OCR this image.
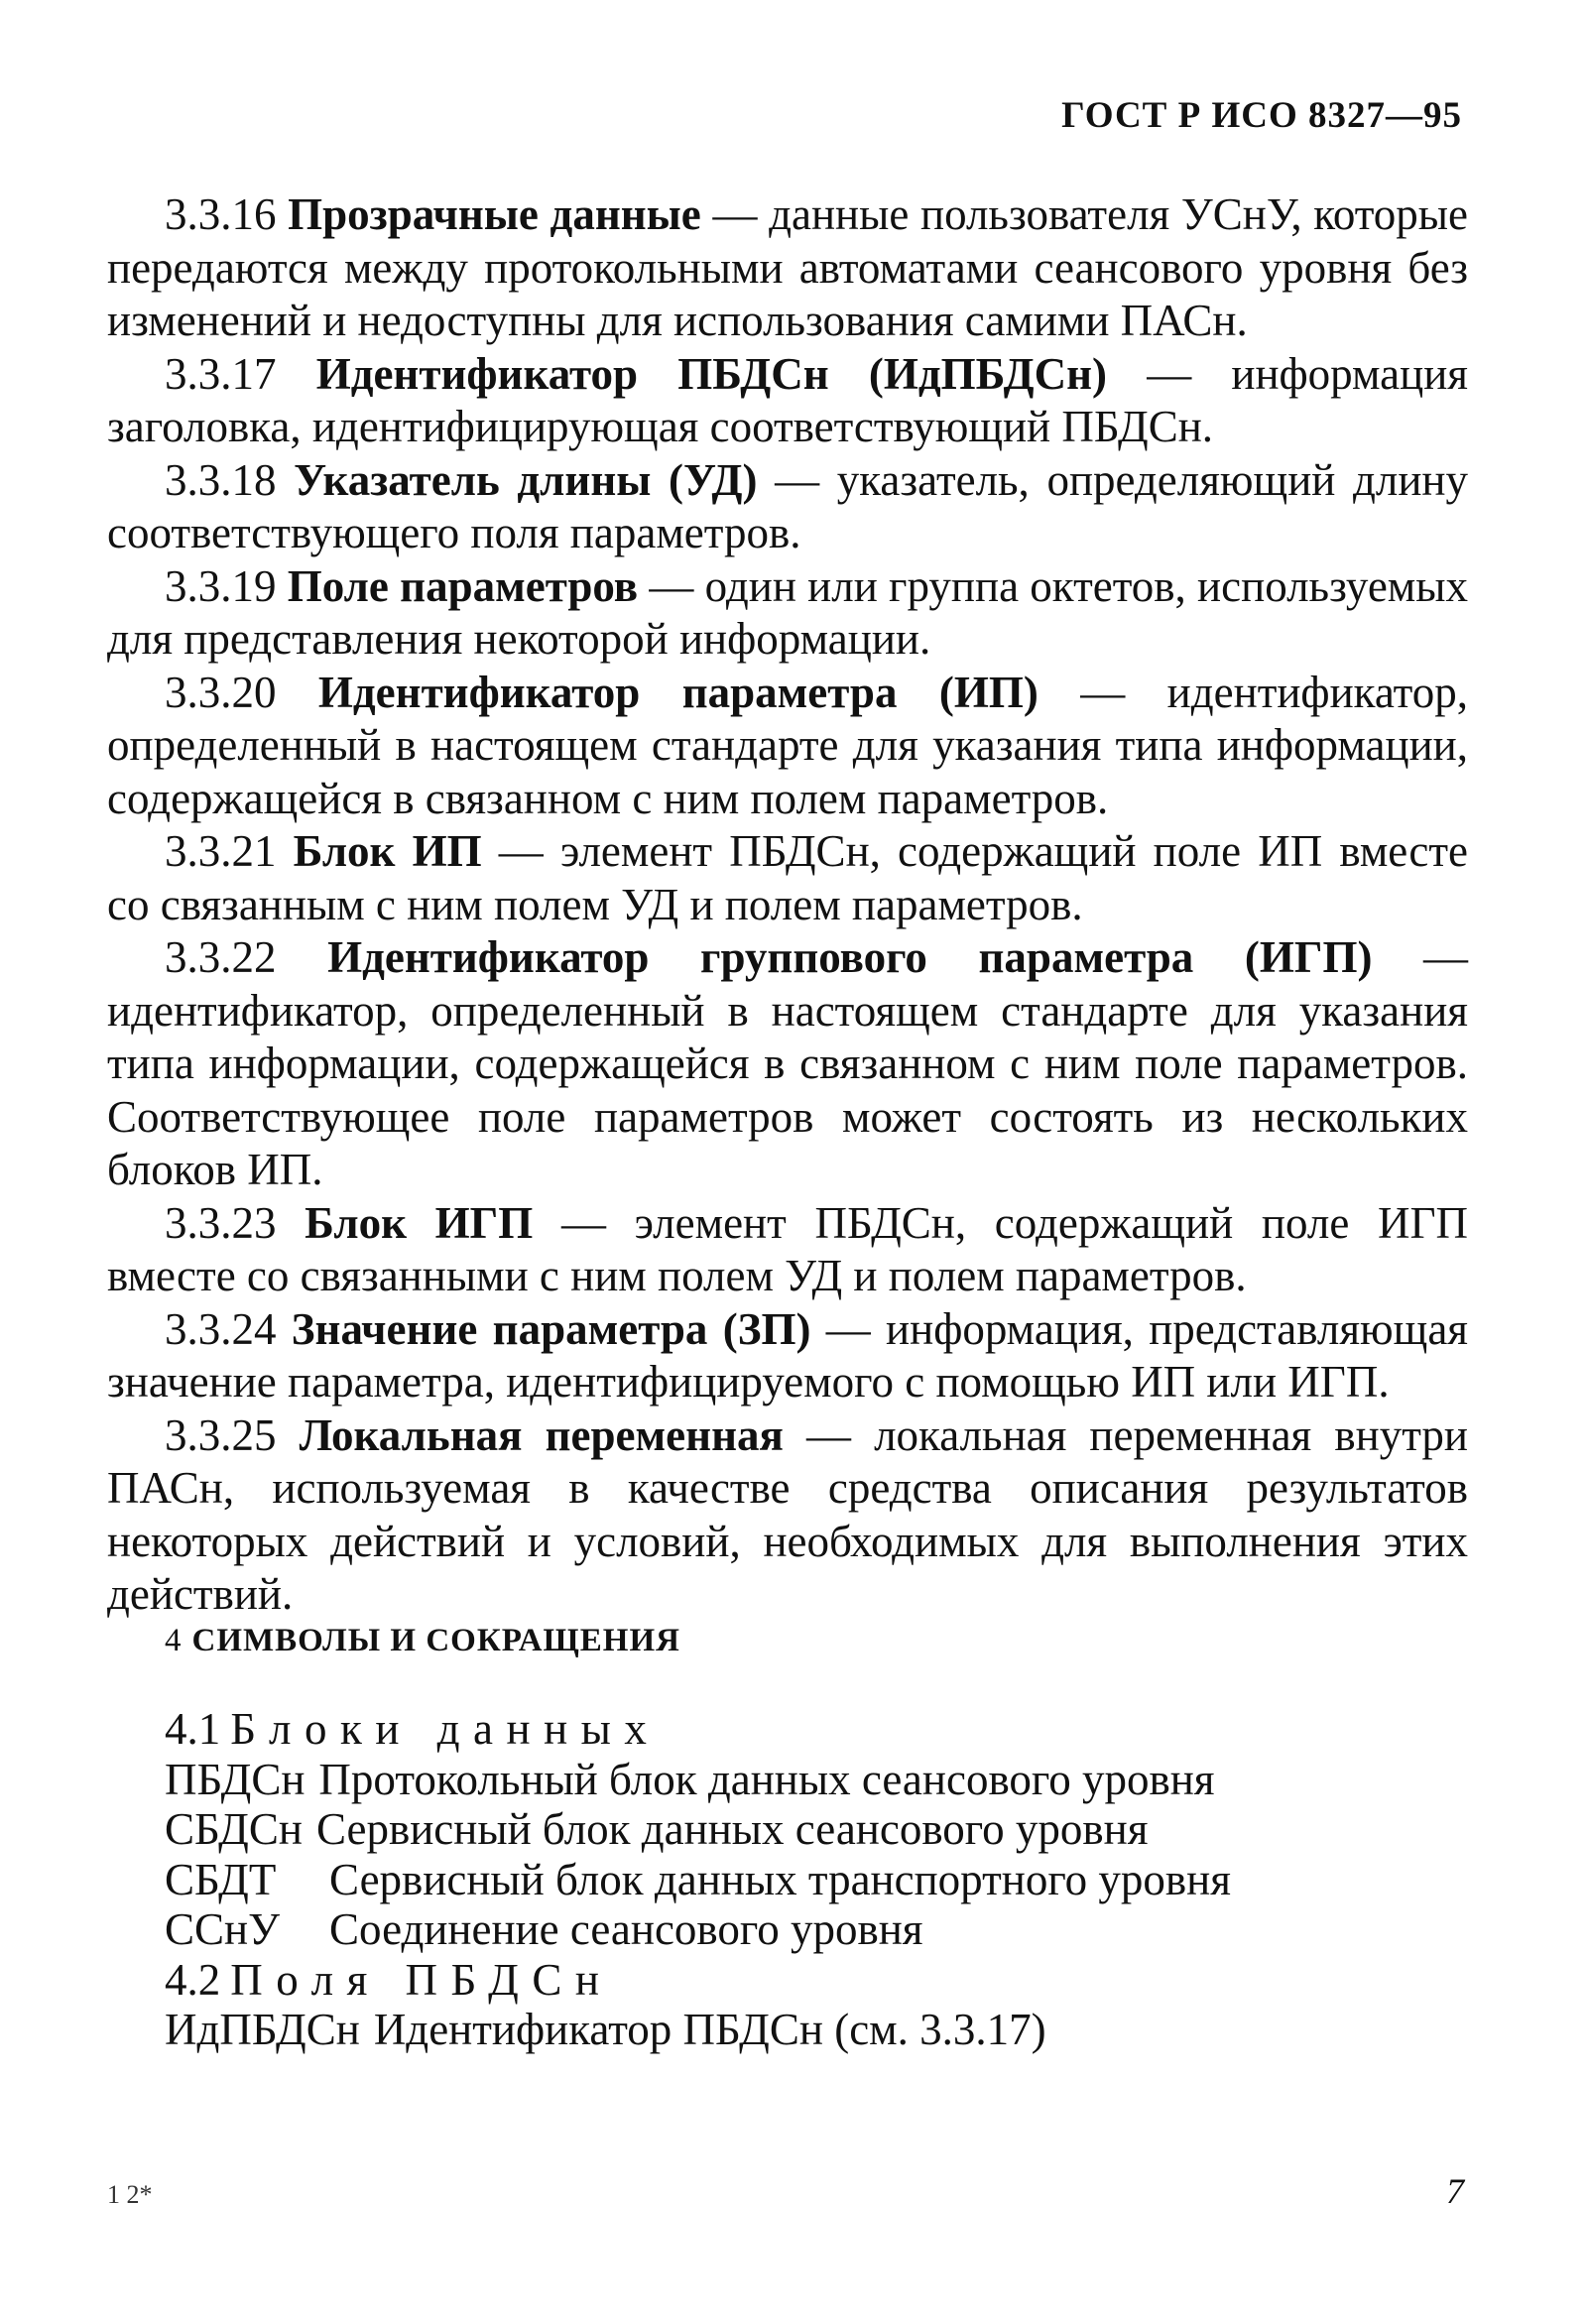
ГОСТ Р ИСО 8327—95

3.3.16 Прозрачные данные — данные пользователя УСнУ, которые передаются между протокольными автоматами сеансового уровня без изменений и недоступны для использования самими ПАСн.

3.3.17 Идентификатор ПБДСн (ИдПБДСн) — информация заголовка, идентифицирующая соответствующий ПБДСн.

3.3.18 Указатель длины (УД) — указатель, определяющий длину соответствующего поля параметров.

3.3.19 Поле параметров — один или группа октетов, используемых для представления некоторой информации.

3.3.20 Идентификатор параметра (ИП) — идентификатор, определенный в настоящем стандарте для указания типа информации, содержащейся в связанном с ним полем параметров.

3.3.21 Блок ИП — элемент ПБДСн, содержащий поле ИП вместе со связанным с ним полем УД и полем параметров.

3.3.22 Идентификатор группового параметра (ИГП) — идентификатор, определенный в настоящем стандарте для указания типа информации, содержащейся в связанном с ним поле параметров. Соответствующее поле параметров может состоять из нескольких блоков ИП.

3.3.23 Блок ИГП — элемент ПБДСн, содержащий поле ИГП вместе со связанными с ним полем УД и полем параметров.

3.3.24 Значение параметра (ЗП) — информация, представляющая значение параметра, идентифицируемого с помощью ИП или ИГП.

3.3.25 Локальная переменная — локальная переменная внутри ПАСн, используемая в качестве средства описания результатов некоторых действий и условий, необходимых для выполнения этих действий.

4 СИМВОЛЫ И СОКРАЩЕНИЯ
4.1 Блоки данных
ПБДСн Протокольный блок данных сеансового уровня
СБДСн Сервисный блок данных сеансового уровня
СБДТ Сервисный блок данных транспортного уровня
ССнУ Соединение сеансового уровня
4.2 Поля ПБДСн
ИдПБДСн Идентификатор ПБДСн (см. 3.3.17)
1 2*	7
